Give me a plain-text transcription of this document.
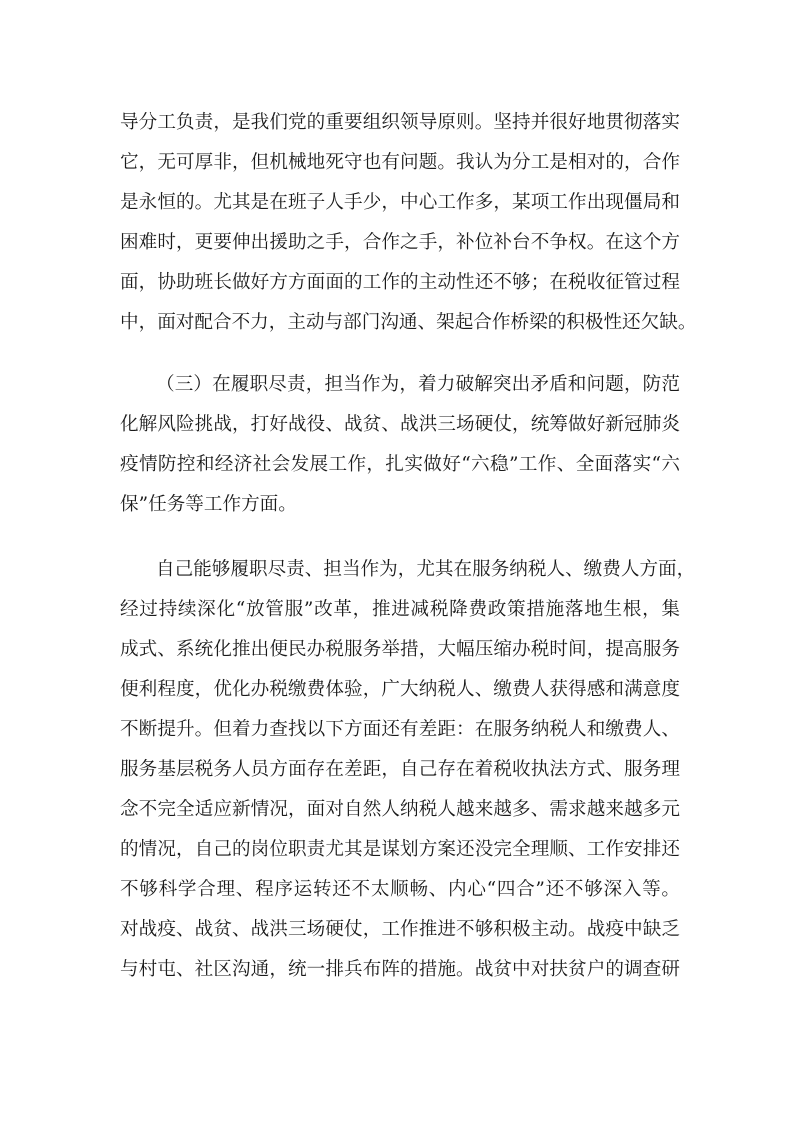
导分工负责，是我们党的重要组织领导原则。坚持并很好地贯彻落实
它，无可厚非，但机械地死守也有问题。我认为分工是相对的，合作
是永恒的。尤其是在班子人手少，中心工作多，某项工作出现僵局和
困难时，更要伸出援助之手，合作之手，补位补台不争权。在这个方
面，协助班长做好方方面面的工作的主动性还不够；在税收征管过程
中，面对配合不力，主动与部门沟通、架起合作桥梁的积极性还欠缺。
（三）在履职尽责，担当作为，着力破解突出矛盾和问题，防范
化解风险挑战，打好战役、战贫、战洪三场硬仗，统筹做好新冠肺炎
疫情防控和经济社会发展工作，扎实做好“六稳”工作、全面落实“六
保”任务等工作方面。
自己能够履职尽责、担当作为，尤其在服务纳税人、缴费人方面，
经过持续深化“放管服”改革，推进减税降费政策措施落地生根，集
成式、系统化推出便民办税服务举措，大幅压缩办税时间，提高服务
便利程度，优化办税缴费体验，广大纳税人、缴费人获得感和满意度
不断提升。但着力查找以下方面还有差距：在服务纳税人和缴费人、
服务基层税务人员方面存在差距，自己存在着税收执法方式、服务理
念不完全适应新情况，面对自然人纳税人越来越多、需求越来越多元
的情况，自己的岗位职责尤其是谋划方案还没完全理顺、工作安排还
不够科学合理、程序运转还不太顺畅、内心“四合”还不够深入等。
对战疫、战贫、战洪三场硬仗，工作推进不够积极主动。战疫中缺乏
与村屯、社区沟通，统一排兵布阵的措施。战贫中对扶贫户的调查研
